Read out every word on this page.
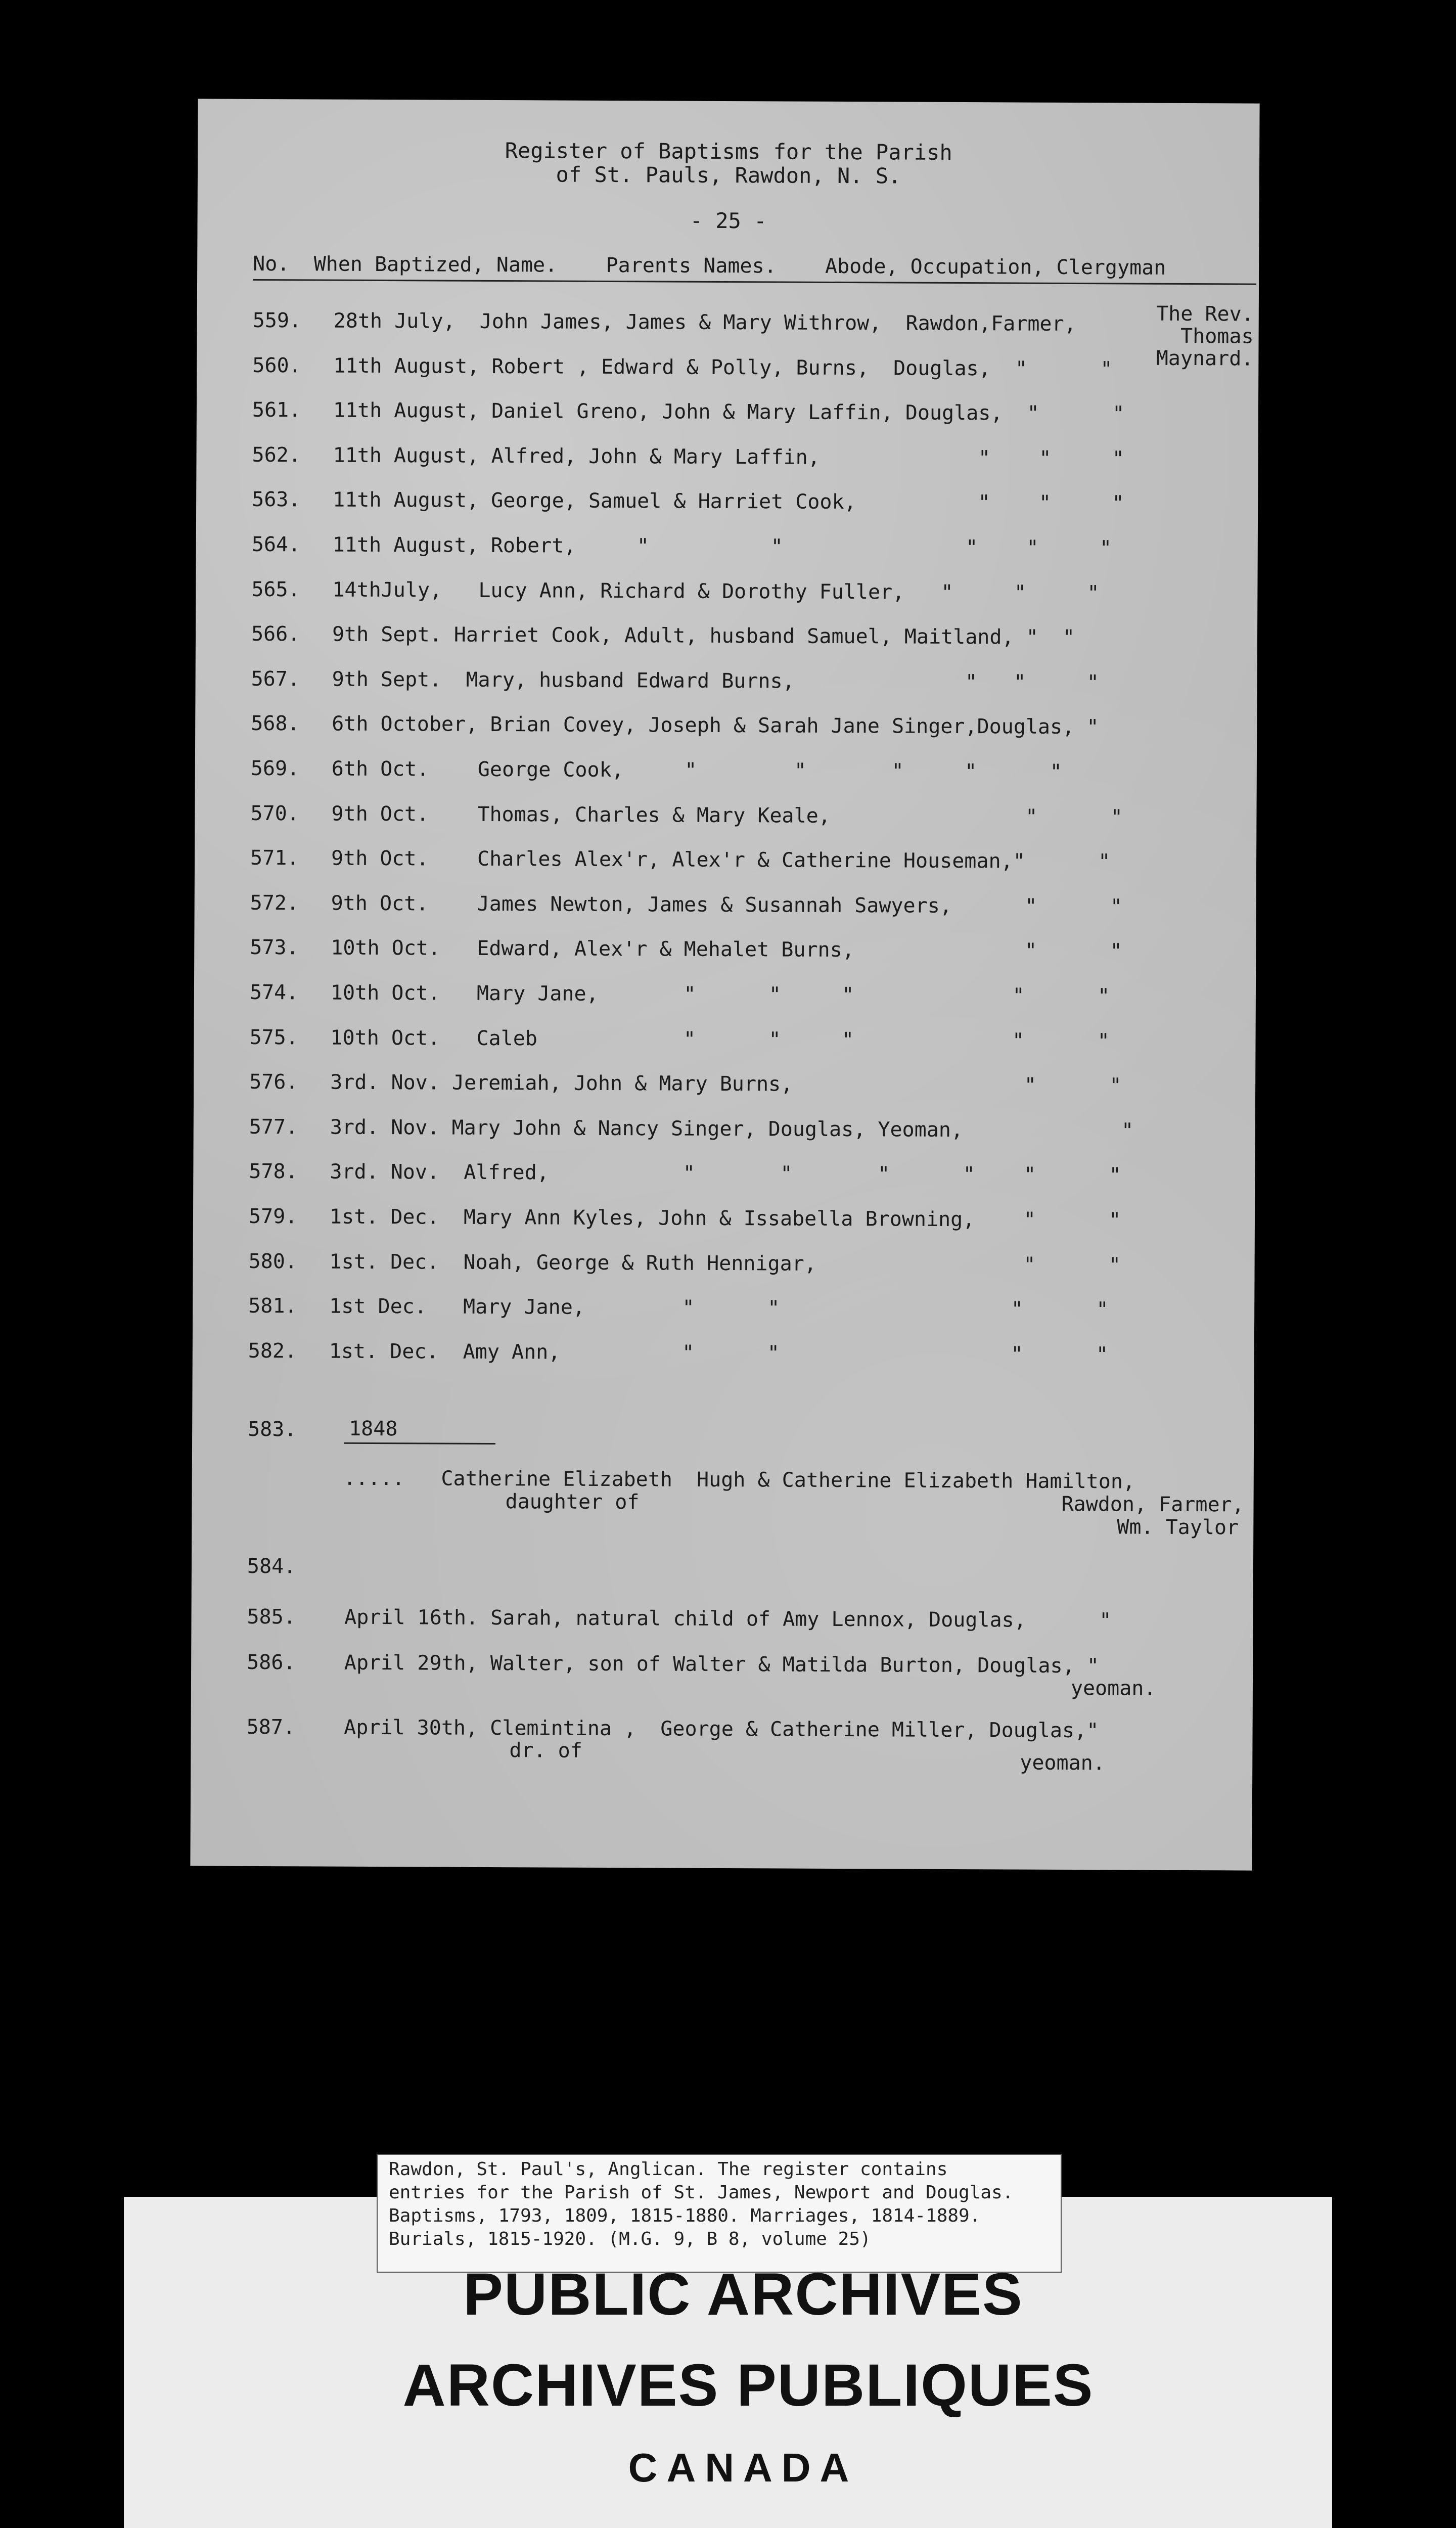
Register of Baptisms for the Parish
of St. Pauls, Rawdon, N. S.
- 25 -
No.  When Baptized, Name.    Parents Names.    Abode, Occupation, Clergyman
The Rev.
Thomas
Maynard.
559. 28th July,  John James, James & Mary Withrow,  Rawdon,Farmer,
560. 11th August, Robert , Edward & Polly, Burns,  Douglas,  "      "
561. 11th August, Daniel Greno, John & Mary Laffin, Douglas,  "      "
562. 11th August, Alfred, John & Mary Laffin,             "    "     "
563. 11th August, George, Samuel & Harriet Cook,          "    "     "
564. 11th August, Robert,     "          "               "    "     "
565. 14thJuly,   Lucy Ann, Richard & Dorothy Fuller,   "     "     "
566. 9th Sept. Harriet Cook, Adult, husband Samuel, Maitland, "  "
567. 9th Sept.  Mary, husband Edward Burns,              "   "     "
568. 6th October, Brian Covey, Joseph & Sarah Jane Singer,Douglas, "
569. 6th Oct.    George Cook,     "        "       "     "      "
570. 9th Oct.    Thomas, Charles & Mary Keale,                "      "
571. 9th Oct.    Charles Alex'r, Alex'r & Catherine Houseman,"      "
572. 9th Oct.    James Newton, James & Susannah Sawyers,      "      "
573. 10th Oct.   Edward, Alex'r & Mehalet Burns,              "      "
574. 10th Oct.   Mary Jane,       "      "     "             "      "
575. 10th Oct.   Caleb            "      "     "             "      "
576. 3rd. Nov. Jeremiah, John & Mary Burns,                   "      "
577. 3rd. Nov. Mary John & Nancy Singer, Douglas, Yeoman,             "
578. 3rd. Nov.  Alfred,           "       "       "      "    "      "
579. 1st. Dec.  Mary Ann Kyles, John & Issabella Browning,    "      "
580. 1st. Dec.  Noah, George & Ruth Hennigar,                 "      "
581. 1st Dec.   Mary Jane,        "      "                   "      "
582. 1st. Dec.  Amy Ann,          "      "                   "      "

583.

	1848
.....   Catherine Elizabeth  Hugh & Catherine Elizabeth Hamilton,
daughter of	Rawdon, Farmer,
Wm. Taylor
584.
585.    April 16th. Sarah, natural child of Amy Lennox, Douglas,      "
586.    April 29th, Walter, son of Walter & Matilda Burton, Douglas, "
yeoman.
587.    April 30th, Clemintina ,  George & Catherine Miller, Douglas,"
dr. of
yeoman.
Rawdon, St. Paul's, Anglican. The register contains
entries for the Parish of St. James, Newport and Douglas.
Baptisms, 1793, 1809, 1815-1880. Marriages, 1814-1889.
Burials, 1815-1920. (M.G. 9, B 8, volume 25)
PUBLIC ARCHIVES
ARCHIVES PUBLIQUES
CANADA
